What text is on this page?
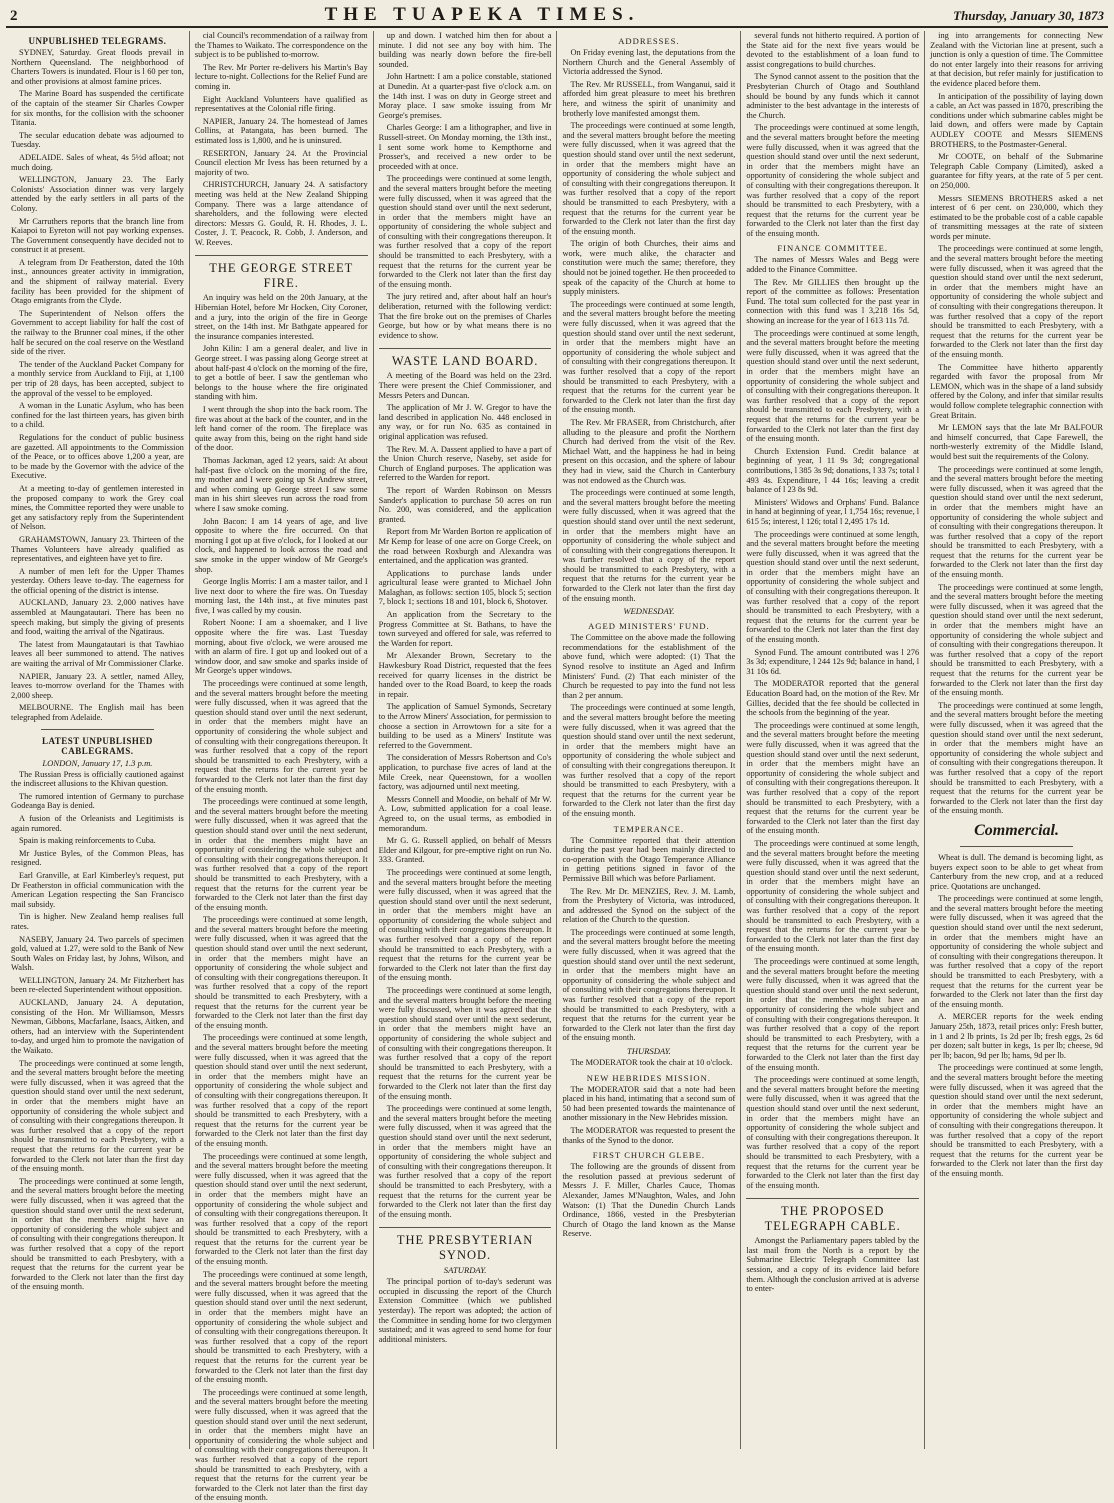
2	THE TUAPEKA TIMES.	Thursday, January 30, 1873
UNPUBLISHED TELEGRAMS.

SYDNEY, Saturday. Great floods prevail in Northern Queensland. The neighborhood of Charters Towers is inundated. Flour is l 60 per ton, and other provisions at almost famine prices.

The Marine Board has suspended the certificate of the captain of the steamer Sir Charles Cowper for six months, for the collision with the schooner Titania.

The secular education debate was adjourned to Tuesday.

ADELAIDE. Sales of wheat, 4s 5½d afloat; not much doing.

WELLINGTON, January 23. The Early Colonists' Association dinner was very largely attended by the early settlers in all parts of the Colony.

Mr Carruthers reports that the branch line from Kaiapoi to Eyreton will not pay working expenses. The Government consequently have decided not to construct it at present.

A telegram from Dr Featherston, dated the 10th inst., announces greater activity in immigration, and the shipment of railway material. Every facility has been provided for the shipment of Otago emigrants from the Clyde.

The Superintendent of Nelson offers the Government to accept liability for half the cost of the railway to the Brunner coal mines, if the other half be secured on the coal reserve on the Westland side of the river.

The tender of the Auckland Packet Company for a monthly service from Auckland to Fiji, at 1,100 per trip of 28 days, has been accepted, subject to the approval of the vessel to be employed.

A woman in the Lunatic Asylum, who has been confined for the last thirteen years, has given birth to a child.

Regulations for the conduct of public business are gazetted. All appointments to the Commission of the Peace, or to offices above 1,200 a year, are to be made by the Governor with the advice of the Executive.

At a meeting to-day of gentlemen interested in the proposed company to work the Grey coal mines, the Committee reported they were unable to get any satisfactory reply from the Superintendent of Nelson.

GRAHAMSTOWN, January 23. Thirteen of the Thames Volunteers have already qualified as representatives, and eighteen have yet to fire.

A number of men left for the Upper Thames yesterday. Others leave to-day. The eagerness for the official opening of the district is intense.

AUCKLAND, January 23. 2,000 natives have assembled at Maungatautari. There has been no speech making, but simply the giving of presents and food, waiting the arrival of the Ngatiraus.

The latest from Maungatautari is that Tawhiao leaves all beer summoned to attend. The natives are waiting the arrival of Mr Commissioner Clarke.

NAPIER, January 23. A settler, named Alley, leaves to-morrow overland for the Thames with 2,000 sheep.

MELBOURNE. The English mail has been telegraphed from Adelaide.

LATEST UNPUBLISHED CABLEGRAMS.
LONDON, January 17, 1.3 p.m.

The Russian Press is officially cautioned against the indiscreet allusions to the Khivan question.

The rumored intention of Germany to purchase Godeanga Bay is denied.

A fusion of the Orleanists and Legitimists is again rumored.

Spain is making reinforcements to Cuba.

Mr Justice Byles, of the Common Pleas, has resigned.

Earl Granville, at Earl Kimberley's request, put Dr Featherston in official communication with the American Legation respecting the San Francisco mail subsidy.

Tin is higher. New Zealand hemp realises full rates.

NASEBY, January 24. Two parcels of specimen gold, valued at 1.27, were sold to the Bank of New South Wales on Friday last, by Johns, Wilson, and Walsh.

WELLINGTON, January 24. Mr Fitzherbert has been re-elected Superintendent without opposition.

AUCKLAND, January 24. A deputation, consisting of the Hon. Mr Williamson, Messrs Newman, Gibbons, Macfarlane, Isaacs, Aitken, and others, had an interview with the Superintendent to-day, and urged him to promote the navigation of the Waikato.

The proceedings were continued at some length, and the several matters brought before the meeting were fully discussed, when it was agreed that the question should stand over until the next sederunt, in order that the members might have an opportunity of considering the whole subject and of consulting with their congregations thereupon. It was further resolved that a copy of the report should be transmitted to each Presbytery, with a request that the returns for the current year be forwarded to the Clerk not later than the first day of the ensuing month.

The proceedings were continued at some length, and the several matters brought before the meeting were fully discussed, when it was agreed that the question should stand over until the next sederunt, in order that the members might have an opportunity of considering the whole subject and of consulting with their congregations thereupon. It was further resolved that a copy of the report should be transmitted to each Presbytery, with a request that the returns for the current year be forwarded to the Clerk not later than the first day of the ensuing month.

cial Council's recommendation of a railway from the Thames to Waikato. The correspondence on the subject is to be published to-morrow.

The Rev. Mr Porter re-delivers his Martin's Bay lecture to-night. Collections for the Relief Fund are coming in.

Eight Auckland Volunteers have qualified as representatives at the Colonial rifle firing.

NAPIER, January 24. The homestead of James Collins, at Patangata, has been burned. The estimated loss is 1,800, and he is uninsured.

RESERTON, January 24. At the Provincial Council election Mr Ivess has been returned by a majority of two.

CHRISTCHURCH, January 24. A satisfactory meeting was held at the New Zealand Shipping Company. There was a large attendance of shareholders, and the following were elected directors: Messrs G. Gould, R. H. Rhodes, J. L. Coster, J. T. Peacock, R. Cobb, J. Anderson, and W. Reeves.

THE GEORGE STREET FIRE.

An inquiry was held on the 20th January, at the Hibernian Hotel, before Mr Hocken, City Coroner, and a jury, into the origin of the fire in George street, on the 14th inst. Mr Bathgate appeared for the insurance companies interested.

John Kilin: I am a general dealer, and live in George street. I was passing along George street at about half-past 4 o'clock on the morning of the fire, to get a bottle of beer. I saw the gentleman who belongs to the house where the fire originated standing with him.

I went through the shop into the back room. The fire was about at the back of the counter, and in the left hand corner of the room. The fireplace was quite away from this, being on the right hand side of the door.

Thomas Jackman, aged 12 years, said: At about half-past five o'clock on the morning of the fire, my mother and I were going up St Andrew street, and when coming up George street I saw some man in his shirt sleeves run across the road from where I saw smoke coming.

John Bacon: I am 14 years of age, and live opposite to where the fire occurred. On that morning I got up at five o'clock, for I looked at our clock, and happened to look across the road and saw smoke in the upper window of Mr George's shop.

George Inglis Morris: I am a master tailor, and I live next door to where the fire was. On Tuesday morning last, the 14th inst., at five minutes past five, I was called by my cousin.

Robert Noone: I am a shoemaker, and I live opposite where the fire was. Last Tuesday morning, about five o'clock, we were aroused me with an alarm of fire. I got up and looked out of a window door, and saw smoke and sparks inside of Mr George's upper windows.

The proceedings were continued at some length, and the several matters brought before the meeting were fully discussed, when it was agreed that the question should stand over until the next sederunt, in order that the members might have an opportunity of considering the whole subject and of consulting with their congregations thereupon. It was further resolved that a copy of the report should be transmitted to each Presbytery, with a request that the returns for the current year be forwarded to the Clerk not later than the first day of the ensuing month.

The proceedings were continued at some length, and the several matters brought before the meeting were fully discussed, when it was agreed that the question should stand over until the next sederunt, in order that the members might have an opportunity of considering the whole subject and of consulting with their congregations thereupon. It was further resolved that a copy of the report should be transmitted to each Presbytery, with a request that the returns for the current year be forwarded to the Clerk not later than the first day of the ensuing month.

The proceedings were continued at some length, and the several matters brought before the meeting were fully discussed, when it was agreed that the question should stand over until the next sederunt, in order that the members might have an opportunity of considering the whole subject and of consulting with their congregations thereupon. It was further resolved that a copy of the report should be transmitted to each Presbytery, with a request that the returns for the current year be forwarded to the Clerk not later than the first day of the ensuing month.

The proceedings were continued at some length, and the several matters brought before the meeting were fully discussed, when it was agreed that the question should stand over until the next sederunt, in order that the members might have an opportunity of considering the whole subject and of consulting with their congregations thereupon. It was further resolved that a copy of the report should be transmitted to each Presbytery, with a request that the returns for the current year be forwarded to the Clerk not later than the first day of the ensuing month.

The proceedings were continued at some length, and the several matters brought before the meeting were fully discussed, when it was agreed that the question should stand over until the next sederunt, in order that the members might have an opportunity of considering the whole subject and of consulting with their congregations thereupon. It was further resolved that a copy of the report should be transmitted to each Presbytery, with a request that the returns for the current year be forwarded to the Clerk not later than the first day of the ensuing month.

The proceedings were continued at some length, and the several matters brought before the meeting were fully discussed, when it was agreed that the question should stand over until the next sederunt, in order that the members might have an opportunity of considering the whole subject and of consulting with their congregations thereupon. It was further resolved that a copy of the report should be transmitted to each Presbytery, with a request that the returns for the current year be forwarded to the Clerk not later than the first day of the ensuing month.

The proceedings were continued at some length, and the several matters brought before the meeting were fully discussed, when it was agreed that the question should stand over until the next sederunt, in order that the members might have an opportunity of considering the whole subject and of consulting with their congregations thereupon. It was further resolved that a copy of the report should be transmitted to each Presbytery, with a request that the returns for the current year be forwarded to the Clerk not later than the first day of the ensuing month.

up and down. I watched him then for about a minute. I did not see any boy with him. The building was nearly down before the fire-bell sounded.

John Hartnett: I am a police constable, stationed at Dunedin. At a quarter-past five o'clock a.m. on the 14th inst. I was on duty in George street and Moray place. I saw smoke issuing from Mr George's premises.

Charles George: I am a lithographer, and live in Russell-street. On Monday morning, the 13th inst., I sent some work home to Kempthorne and Prosser's, and received a new order to be proceeded with at once.

The proceedings were continued at some length, and the several matters brought before the meeting were fully discussed, when it was agreed that the question should stand over until the next sederunt, in order that the members might have an opportunity of considering the whole subject and of consulting with their congregations thereupon. It was further resolved that a copy of the report should be transmitted to each Presbytery, with a request that the returns for the current year be forwarded to the Clerk not later than the first day of the ensuing month.

The jury retired and, after about half an hour's deliberation, returned with the following verdict: That the fire broke out on the premises of Charles George, but how or by what means there is no evidence to show.

WASTE LAND BOARD.

A meeting of the Board was held on the 23rd. There were present the Chief Commissioner, and Messrs Peters and Duncan.

The application of Mr J. W. Gregor to have the land described in application No. 448 enclosed in any way, or for run No. 635 as contained in original application was refused.

The Rev. M. A. Dassent applied to have a part of the Union Church reserve, Naseby, set aside for Church of England purposes. The application was referred to the Warden for report.

The report of Warden Robinson on Messrs Sander's application to purchase 50 acres on run No. 200, was considered, and the application granted.

Report from Mr Warden Borton re application of Mr Kemp for lease of one acre on Gorge Creek, on the road between Roxburgh and Alexandra was entertained, and the application was granted.

Applications to purchase lands under agricultural lease were granted to Michael John Malaghan, as follows: section 105, block 5; section 7, block 1; sections 18 and 101, block 6, Shotover.

An application from the Secretary to the Progress Committee at St. Bathans, to have the town surveyed and offered for sale, was referred to the Warden for report.

Mr Alexander Brown, Secretary to the Hawkesbury Road District, requested that the fees received for quarry licenses in the district be handed over to the Road Board, to keep the roads in repair.

The application of Samuel Symonds, Secretary to the Arrow Miners' Association, for permission to choose a section in Arrowtown for a site for a building to be used as a Miners' Institute was referred to the Government.

The consideration of Messrs Robertson and Co's application, to purchase five acres of land at the Mile Creek, near Queenstown, for a woollen factory, was adjourned until next meeting.

Messrs Connell and Moodie, on behalf of Mr W. A. Low, submitted application for a coal lease. Agreed to, on the usual terms, as embodied in memorandum.

Mr G. G. Russell applied, on behalf of Messrs Elder and Kilgour, for pre-emptive right on run No. 333. Granted.

The proceedings were continued at some length, and the several matters brought before the meeting were fully discussed, when it was agreed that the question should stand over until the next sederunt, in order that the members might have an opportunity of considering the whole subject and of consulting with their congregations thereupon. It was further resolved that a copy of the report should be transmitted to each Presbytery, with a request that the returns for the current year be forwarded to the Clerk not later than the first day of the ensuing month.

The proceedings were continued at some length, and the several matters brought before the meeting were fully discussed, when it was agreed that the question should stand over until the next sederunt, in order that the members might have an opportunity of considering the whole subject and of consulting with their congregations thereupon. It was further resolved that a copy of the report should be transmitted to each Presbytery, with a request that the returns for the current year be forwarded to the Clerk not later than the first day of the ensuing month.

The proceedings were continued at some length, and the several matters brought before the meeting were fully discussed, when it was agreed that the question should stand over until the next sederunt, in order that the members might have an opportunity of considering the whole subject and of consulting with their congregations thereupon. It was further resolved that a copy of the report should be transmitted to each Presbytery, with a request that the returns for the current year be forwarded to the Clerk not later than the first day of the ensuing month.

THE PRESBYTERIAN SYNOD.
SATURDAY.

The principal portion of to-day's sederunt was occupied in discussing the report of the Church Extension Committee (which we published yesterday). The report was adopted; the action of the Committee in sending home for two clergymen sustained; and it was agreed to send home for four additional ministers.

ADDRESSES.

On Friday evening last, the deputations from the Northern Church and the General Assembly of Victoria addressed the Synod.

The Rev. Mr RUSSELL, from Wanganui, said it afforded him great pleasure to meet his brethren here, and witness the spirit of unanimity and brotherly love manifested amongst them.

The proceedings were continued at some length, and the several matters brought before the meeting were fully discussed, when it was agreed that the question should stand over until the next sederunt, in order that the members might have an opportunity of considering the whole subject and of consulting with their congregations thereupon. It was further resolved that a copy of the report should be transmitted to each Presbytery, with a request that the returns for the current year be forwarded to the Clerk not later than the first day of the ensuing month.

The origin of both Churches, their aims and work, were much alike, the character and constitution were much the same; therefore, they should not be joined together. He then proceeded to speak of the capacity of the Church at home to supply ministers.

The proceedings were continued at some length, and the several matters brought before the meeting were fully discussed, when it was agreed that the question should stand over until the next sederunt, in order that the members might have an opportunity of considering the whole subject and of consulting with their congregations thereupon. It was further resolved that a copy of the report should be transmitted to each Presbytery, with a request that the returns for the current year be forwarded to the Clerk not later than the first day of the ensuing month.

The Rev. Mr FRASER, from Christchurch, after alluding to the pleasure and profit the Northern Church had derived from the visit of the Rev. Michael Watt, and the happiness he had in being present on this occasion, and the sphere of labour they had in view, said the Church in Canterbury was not endowed as the Church was.

The proceedings were continued at some length, and the several matters brought before the meeting were fully discussed, when it was agreed that the question should stand over until the next sederunt, in order that the members might have an opportunity of considering the whole subject and of consulting with their congregations thereupon. It was further resolved that a copy of the report should be transmitted to each Presbytery, with a request that the returns for the current year be forwarded to the Clerk not later than the first day of the ensuing month.

WEDNESDAY.
AGED MINISTERS' FUND.

The Committee on the above made the following recommendations for the establishment of the above fund, which were adopted: (1) That the Synod resolve to institute an Aged and Infirm Ministers' Fund. (2) That each minister of the Church be requested to pay into the fund not less than 2 per annum.

The proceedings were continued at some length, and the several matters brought before the meeting were fully discussed, when it was agreed that the question should stand over until the next sederunt, in order that the members might have an opportunity of considering the whole subject and of consulting with their congregations thereupon. It was further resolved that a copy of the report should be transmitted to each Presbytery, with a request that the returns for the current year be forwarded to the Clerk not later than the first day of the ensuing month.

TEMPERANCE.

The Committee reported that their attention during the past year had been mainly directed to co-operation with the Otago Temperance Alliance in getting petitions signed in favor of the Permissive Bill which was before Parliament.

The Rev. Mr Dr. MENZIES, Rev. J. M. Lamb, from the Presbytery of Victoria, was introduced, and addressed the Synod on the subject of the relation of the Church to the question.

The proceedings were continued at some length, and the several matters brought before the meeting were fully discussed, when it was agreed that the question should stand over until the next sederunt, in order that the members might have an opportunity of considering the whole subject and of consulting with their congregations thereupon. It was further resolved that a copy of the report should be transmitted to each Presbytery, with a request that the returns for the current year be forwarded to the Clerk not later than the first day of the ensuing month.

THURSDAY.

The MODERATOR took the chair at 10 o'clock.

NEW HEBRIDES MISSION.

The MODERATOR said that a note had been placed in his hand, intimating that a second sum of 50 had been presented towards the maintenance of another missionary in the New Hebrides mission.

The MODERATOR was requested to present the thanks of the Synod to the donor.

FIRST CHURCH GLEBE.

The following are the grounds of dissent from the resolution passed at previous sederunt of Messrs J. F. Miller, Charles Cauce, Thomas Alexander, James M'Naughton, Wales, and John Watson: (1) That the Dunedin Church Lands Ordinance, 1866, vested in the Presbyterian Church of Otago the land known as the Manse Reserve.

several funds not hitherto required. A portion of the State aid for the next five years would be devoted to the establishment of a loan fund to assist congregations to build churches.

The Synod cannot assent to the position that the Presbyterian Church of Otago and Southland should be bound by any funds which it cannot administer to the best advantage in the interests of the Church.

The proceedings were continued at some length, and the several matters brought before the meeting were fully discussed, when it was agreed that the question should stand over until the next sederunt, in order that the members might have an opportunity of considering the whole subject and of consulting with their congregations thereupon. It was further resolved that a copy of the report should be transmitted to each Presbytery, with a request that the returns for the current year be forwarded to the Clerk not later than the first day of the ensuing month.

FINANCE COMMITTEE.

The names of Messrs Wales and Begg were added to the Finance Committee.

The Rev. Mr GILLIES then brought up the report of the committee as follows: Presentation Fund. The total sum collected for the past year in connection with this fund was l 3,218 16s 5d, showing an increase for the year of l 613 11s 7d.

The proceedings were continued at some length, and the several matters brought before the meeting were fully discussed, when it was agreed that the question should stand over until the next sederunt, in order that the members might have an opportunity of considering the whole subject and of consulting with their congregations thereupon. It was further resolved that a copy of the report should be transmitted to each Presbytery, with a request that the returns for the current year be forwarded to the Clerk not later than the first day of the ensuing month.

Church Extension Fund. Credit balance at beginning of year, l 11 9s 3d; congregational contributions, l 385 3s 9d; donations, l 33 7s; total l 493 4s. Expenditure, l 44 16s; leaving a credit balance of l 23 8s 9d.

Ministers' Widows and Orphans' Fund. Balance in hand at beginning of year, l 1,754 16s; revenue, l 615 5s; interest, l 126; total l 2,495 17s 1d.

The proceedings were continued at some length, and the several matters brought before the meeting were fully discussed, when it was agreed that the question should stand over until the next sederunt, in order that the members might have an opportunity of considering the whole subject and of consulting with their congregations thereupon. It was further resolved that a copy of the report should be transmitted to each Presbytery, with a request that the returns for the current year be forwarded to the Clerk not later than the first day of the ensuing month.

Synod Fund. The amount contributed was l 276 3s 3d; expenditure, l 244 12s 9d; balance in hand, l 31 10s 6d.

The MODERATOR reported that the general Education Board had, on the motion of the Rev. Mr Gillies, decided that the fee should be collected in the schools from the beginning of the year.

The proceedings were continued at some length, and the several matters brought before the meeting were fully discussed, when it was agreed that the question should stand over until the next sederunt, in order that the members might have an opportunity of considering the whole subject and of consulting with their congregations thereupon. It was further resolved that a copy of the report should be transmitted to each Presbytery, with a request that the returns for the current year be forwarded to the Clerk not later than the first day of the ensuing month.

The proceedings were continued at some length, and the several matters brought before the meeting were fully discussed, when it was agreed that the question should stand over until the next sederunt, in order that the members might have an opportunity of considering the whole subject and of consulting with their congregations thereupon. It was further resolved that a copy of the report should be transmitted to each Presbytery, with a request that the returns for the current year be forwarded to the Clerk not later than the first day of the ensuing month.

The proceedings were continued at some length, and the several matters brought before the meeting were fully discussed, when it was agreed that the question should stand over until the next sederunt, in order that the members might have an opportunity of considering the whole subject and of consulting with their congregations thereupon. It was further resolved that a copy of the report should be transmitted to each Presbytery, with a request that the returns for the current year be forwarded to the Clerk not later than the first day of the ensuing month.

The proceedings were continued at some length, and the several matters brought before the meeting were fully discussed, when it was agreed that the question should stand over until the next sederunt, in order that the members might have an opportunity of considering the whole subject and of consulting with their congregations thereupon. It was further resolved that a copy of the report should be transmitted to each Presbytery, with a request that the returns for the current year be forwarded to the Clerk not later than the first day of the ensuing month.

THE PROPOSED TELEGRAPH CABLE.

Amongst the Parliamentary papers tabled by the last mail from the North is a report by the Submarine Electric Telegraph Committee last session, and a copy of its evidence laid before them. Although the conclusion arrived at is adverse to enter-

ing into arrangements for connecting New Zealand with the Victorian line at present, such a junction is only a question of time. The Committee do not enter largely into their reasons for arriving at that decision, but refer mainly for justification to the evidence placed before them.

In anticipation of the possibility of laying down a cable, an Act was passed in 1870, prescribing the conditions under which submarine cables might be laid down, and offers were made by Captain AUDLEY COOTE and Messrs SIEMENS BROTHERS, to the Postmaster-General.

Mr COOTE, on behalf of the Submarine Telegraph Cable Company (Limited), asked a guarantee for fifty years, at the rate of 5 per cent. on 250,000.

Messrs SIEMENS BROTHERS asked a net interest of 6 per cent. on 230,000, which they estimated to be the probable cost of a cable capable of transmitting messages at the rate of sixteen words per minute.

The proceedings were continued at some length, and the several matters brought before the meeting were fully discussed, when it was agreed that the question should stand over until the next sederunt, in order that the members might have an opportunity of considering the whole subject and of consulting with their congregations thereupon. It was further resolved that a copy of the report should be transmitted to each Presbytery, with a request that the returns for the current year be forwarded to the Clerk not later than the first day of the ensuing month.

The Committee have hitherto apparently regarded with favor the proposal from Mr LEMON, which was in the shape of a land subsidy offered by the Colony, and infer that similar results would follow complete telegraphic connection with Great Britain.

Mr LEMON says that the late Mr BALFOUR and himself concurred, that Cape Farewell, the north-westerly extremity of the Middle Island, would best suit the requirements of the Colony.

The proceedings were continued at some length, and the several matters brought before the meeting were fully discussed, when it was agreed that the question should stand over until the next sederunt, in order that the members might have an opportunity of considering the whole subject and of consulting with their congregations thereupon. It was further resolved that a copy of the report should be transmitted to each Presbytery, with a request that the returns for the current year be forwarded to the Clerk not later than the first day of the ensuing month.

The proceedings were continued at some length, and the several matters brought before the meeting were fully discussed, when it was agreed that the question should stand over until the next sederunt, in order that the members might have an opportunity of considering the whole subject and of consulting with their congregations thereupon. It was further resolved that a copy of the report should be transmitted to each Presbytery, with a request that the returns for the current year be forwarded to the Clerk not later than the first day of the ensuing month.

The proceedings were continued at some length, and the several matters brought before the meeting were fully discussed, when it was agreed that the question should stand over until the next sederunt, in order that the members might have an opportunity of considering the whole subject and of consulting with their congregations thereupon. It was further resolved that a copy of the report should be transmitted to each Presbytery, with a request that the returns for the current year be forwarded to the Clerk not later than the first day of the ensuing month.

Commercial.

Wheat is dull. The demand is becoming light, as buyers expect soon to be able to get wheat from Canterbury from the new crop, and at a reduced price. Quotations are unchanged.

The proceedings were continued at some length, and the several matters brought before the meeting were fully discussed, when it was agreed that the question should stand over until the next sederunt, in order that the members might have an opportunity of considering the whole subject and of consulting with their congregations thereupon. It was further resolved that a copy of the report should be transmitted to each Presbytery, with a request that the returns for the current year be forwarded to the Clerk not later than the first day of the ensuing month.

A. MERCER reports for the week ending January 25th, 1873, retail prices only: Fresh butter, in 1 and 2 lb prints, 1s 2d per lb; fresh eggs, 2s 6d per dozen; salt butter in kegs, 1s per lb; cheese, 9d per lb; bacon, 9d per lb; hams, 9d per lb.

The proceedings were continued at some length, and the several matters brought before the meeting were fully discussed, when it was agreed that the question should stand over until the next sederunt, in order that the members might have an opportunity of considering the whole subject and of consulting with their congregations thereupon. It was further resolved that a copy of the report should be transmitted to each Presbytery, with a request that the returns for the current year be forwarded to the Clerk not later than the first day of the ensuing month.
